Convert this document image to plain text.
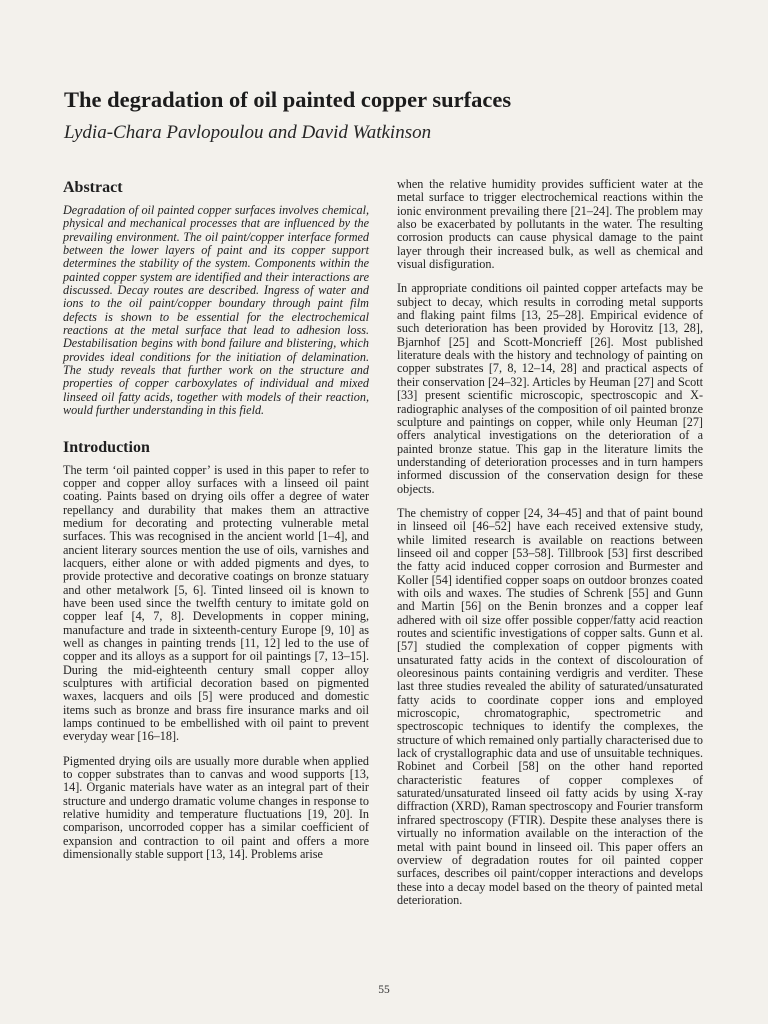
The degradation of oil painted copper surfaces
Lydia-Chara Pavlopoulou and David Watkinson
Abstract

Degradation of oil painted copper surfaces involves chemical, physical and mechanical processes that are influenced by the prevailing environment. The oil paint/copper interface formed between the lower layers of paint and its copper support determines the stability of the system. Components within the painted copper system are identified and their interactions are discussed. Decay routes are described. Ingress of water and ions to the oil paint/copper boundary through paint film defects is shown to be essential for the electrochemical reactions at the metal surface that lead to adhesion loss. Destabilisation begins with bond failure and blistering, which provides ideal conditions for the initiation of delamination. The study reveals that further work on the structure and properties of copper carboxylates of individual and mixed linseed oil fatty acids, together with models of their reaction, would further understanding in this field.

Introduction

The term ‘oil painted copper’ is used in this paper to refer to copper and copper alloy surfaces with a linseed oil paint coating. Paints based on drying oils offer a degree of water repellancy and durability that makes them an attractive medium for decorating and protecting vulnerable metal surfaces. This was recognised in the ancient world [1–4], and ancient literary sources mention the use of oils, varnishes and lacquers, either alone or with added pigments and dyes, to provide protective and decorative coatings on bronze statuary and other metalwork [5, 6]. Tinted linseed oil is known to have been used since the twelfth century to imitate gold on copper leaf [4, 7, 8]. Developments in copper mining, manufacture and trade in sixteenth-century Europe [9, 10] as well as changes in painting trends [11, 12] led to the use of copper and its alloys as a support for oil paintings [7, 13–15]. During the mid-eighteenth century small copper alloy sculptures with artificial decoration based on pigmented waxes, lacquers and oils [5] were produced and domestic items such as bronze and brass fire insurance marks and oil lamps continued to be embellished with oil paint to prevent everyday wear [16–18].

Pigmented drying oils are usually more durable when applied to copper substrates than to canvas and wood supports [13, 14]. Organic materials have water as an integral part of their structure and undergo dramatic volume changes in response to relative humidity and temperature fluctuations [19, 20]. In comparison, uncorroded copper has a similar coefficient of expansion and contraction to oil paint and offers a more dimensionally stable support [13, 14]. Problems arise

when the relative humidity provides sufficient water at the metal surface to trigger electrochemical reactions within the ionic environment prevailing there [21–24]. The problem may also be exacerbated by pollutants in the water. The resulting corrosion products can cause physical damage to the paint layer through their increased bulk, as well as chemical and visual disfiguration.

In appropriate conditions oil painted copper artefacts may be subject to decay, which results in corroding metal supports and flaking paint films [13, 25–28]. Empirical evidence of such deterioration has been provided by Horovitz [13, 28], Bjarnhof [25] and Scott-Moncrieff [26]. Most published literature deals with the history and technology of painting on copper substrates [7, 8, 12–14, 28] and practical aspects of their conservation [24–32]. Articles by Heuman [27] and Scott [33] present scientific microscopic, spectroscopic and X-radiographic analyses of the composition of oil painted bronze sculpture and paintings on copper, while only Heuman [27] offers analytical investigations on the deterioration of a painted bronze statue. This gap in the literature limits the understanding of deterioration processes and in turn hampers informed discussion of the conservation design for these objects.

The chemistry of copper [24, 34–45] and that of paint bound in linseed oil [46–52] have each received extensive study, while limited research is available on reactions between linseed oil and copper [53–58]. Tillbrook [53] first described the fatty acid induced copper corrosion and Burmester and Koller [54] identified copper soaps on outdoor bronzes coated with oils and waxes. The studies of Schrenk [55] and Gunn and Martin [56] on the Benin bronzes and a copper leaf adhered with oil size offer possible copper/fatty acid reaction routes and scientific investigations of copper salts. Gunn et al. [57] studied the complexation of copper pigments with unsaturated fatty acids in the context of discolouration of oleoresinous paints containing verdigris and verditer. These last three studies revealed the ability of saturated/unsaturated fatty acids to coordinate copper ions and employed microscopic, chromatographic, spectrometric and spectroscopic techniques to identify the complexes, the structure of which remained only partially characterised due to lack of crystallographic data and use of unsuitable techniques. Robinet and Corbeil [58] on the other hand reported characteristic features of copper complexes of saturated/unsaturated linseed oil fatty acids by using X-ray diffraction (XRD), Raman spectroscopy and Fourier transform infrared spectroscopy (FTIR). Despite these analyses there is virtually no information available on the interaction of the metal with paint bound in linseed oil. This paper offers an overview of degradation routes for oil painted copper surfaces, describes oil paint/copper interactions and develops these into a decay model based on the theory of painted metal deterioration.

55
